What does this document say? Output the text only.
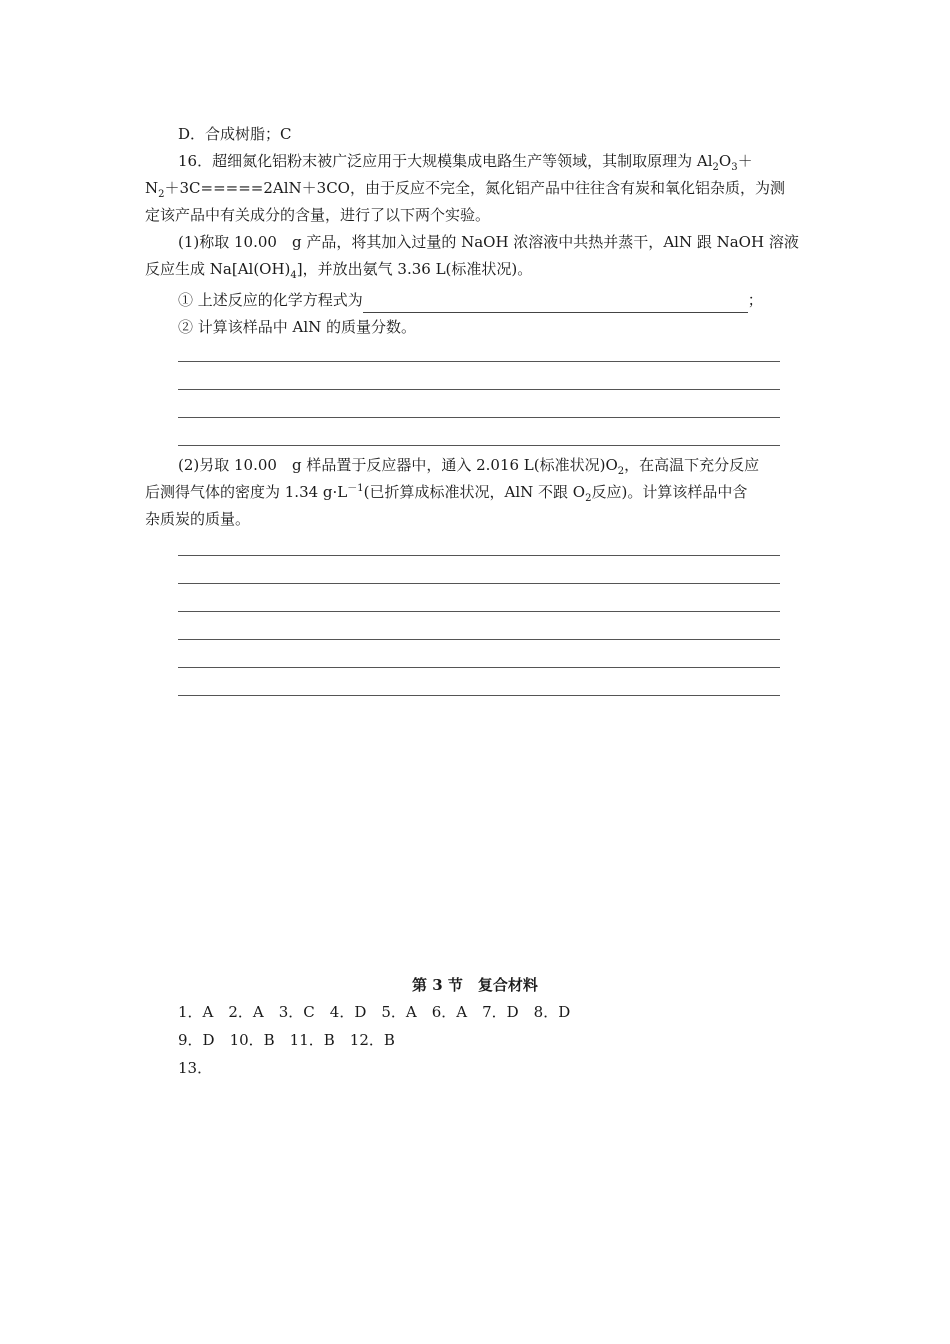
D．合成树脂；C
16．超细氮化铝粉末被广泛应用于大规模集成电路生产等领域，其制取原理为 $Al_2O_3+$
$N_2+3C=====2AlN+3CO$，由于反应不完全，氮化铝产品中往往含有炭和氧化铝杂质，为测
定该产品中有关成分的含量，进行了以下两个实验。
(1)称取 10.00　g 产品，将其加入过量的 NaOH 浓溶液中共热并蒸干，AlN 跟 NaOH 溶液
反应生成 $Na[Al(OH)_4]$，并放出氨气 3.36 L(标准状况)。
① 上述反应的化学方程式为	；
② 计算该样品中 AlN 的质量分数。
(2)另取 10.00　g 样品置于反应器中，通入 2.016 L(标准状况)$O_2$，在高温下充分反应
后测得气体的密度为 1.34 $g\cdot L^{-1}$(已折算成标准状况，AlN 不跟 $O_2$反应)。计算该样品中含
杂质炭的质量。
第 3 节　复合材料
1．A　2．A　3．C　4．D　5．A　6．A　7．D　8．D
9．D　10．B　11．B　12．B
13．
